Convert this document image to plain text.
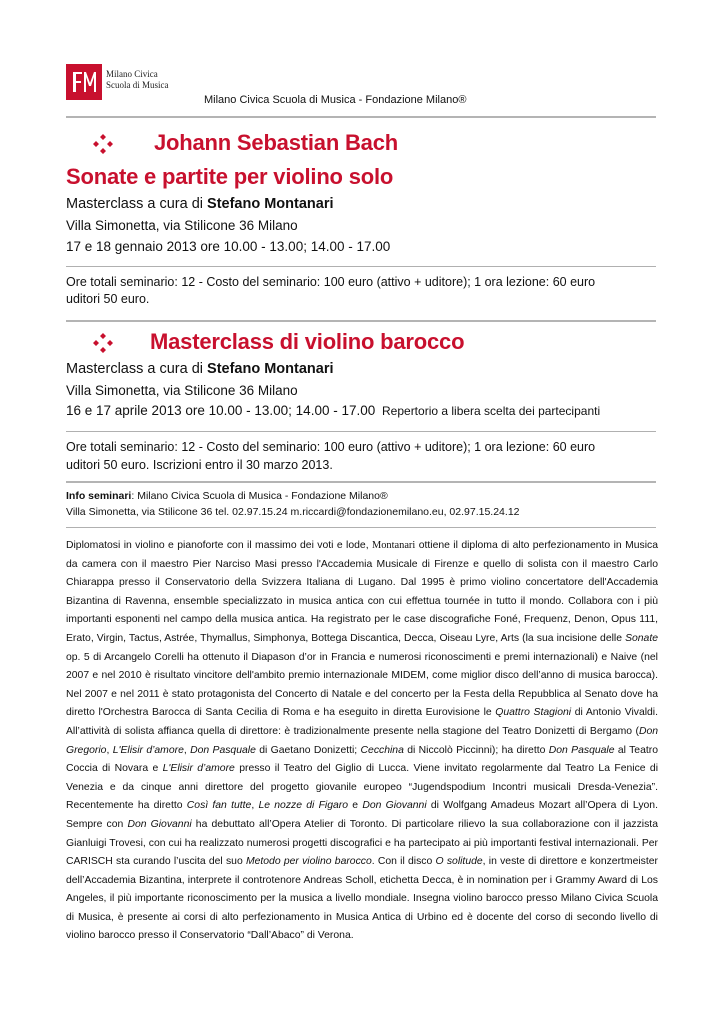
Milano Civica
Scuola di Musica
Milano Civica Scuola di Musica - Fondazione Milano®
Johann Sebastian Bach
Sonate e partite per violino solo
Masterclass a cura di Stefano Montanari
Villa Simonetta, via Stilicone 36 Milano
17 e 18 gennaio 2013 ore 10.00 - 13.00; 14.00 - 17.00
Ore totali seminario: 12 - Costo del seminario: 100 euro (attivo + uditore); 1 ora lezione: 60 euro
uditori 50 euro.
Masterclass di violino barocco
Masterclass a cura di Stefano Montanari
Villa Simonetta, via Stilicone 36 Milano
16 e 17 aprile 2013 ore 10.00 - 13.00; 14.00 - 17.00 Repertorio a libera scelta dei partecipanti
Ore totali seminario: 12 - Costo del seminario: 100 euro (attivo + uditore); 1 ora lezione: 60 euro
uditori 50 euro. Iscrizioni entro il 30 marzo 2013.
Info seminari: Milano Civica Scuola di Musica - Fondazione Milano®
Villa Simonetta, via Stilicone 36 tel. 02.97.15.24 m.riccardi@fondazionemilano.eu, 02.97.15.24.12

Diplomatosi in violino e pianoforte con il massimo dei voti e lode, Montanari ottiene il diploma di alto perfezionamento in Musica da camera con il maestro Pier Narciso Masi presso l'Accademia Musicale di Firenze e quello di solista con il maestro Carlo Chiarappa presso il Conservatorio della Svizzera Italiana di Lugano. Dal 1995 è primo violino concertatore dell'Accademia Bizantina di Ravenna, ensemble specializzato in musica antica con cui effettua tournée in tutto il mondo. Collabora con i più importanti esponenti nel campo della musica antica. Ha registrato per le case discografiche Foné, Frequenz, Denon, Opus 111, Erato, Virgin, Tactus, Astrée, Thymallus, Simphonya, Bottega Discantica, Decca, Oiseau Lyre, Arts (la sua incisione delle Sonate op. 5 di Arcangelo Corelli ha ottenuto il Diapason d’or in Francia e numerosi riconoscimenti e premi internazionali) e Naive (nel 2007 e nel 2010 è risultato vincitore dell'ambito premio internazionale MIDEM, come miglior disco dell’anno di musica barocca). Nel 2007 e nel 2011 è stato protagonista del Concerto di Natale e del concerto per la Festa della Repubblica al Senato dove ha diretto l'Orchestra Barocca di Santa Cecilia di Roma e ha eseguito in diretta Eurovisione le Quattro Stagioni di Antonio Vivaldi. All’attività di solista affianca quella di direttore: è tradizionalmente presente nella stagione del Teatro Donizetti di Bergamo (Don Gregorio, L'Elisir d’amore, Don Pasquale di Gaetano Donizetti; Cecchina di Niccolò Piccinni); ha diretto Don Pasquale al Teatro Coccia di Novara e L'Elisir d’amore presso il Teatro del Giglio di Lucca. Viene invitato regolarmente dal Teatro La Fenice di Venezia e da cinque anni direttore del progetto giovanile europeo “Jugendspodium Incontri musicali Dresda-Venezia”. Recentemente ha diretto Così fan tutte, Le nozze di Figaro e Don Giovanni di Wolfgang Amadeus Mozart all’Opera di Lyon. Sempre con Don Giovanni ha debuttato all’Opera Atelier di Toronto. Di particolare rilievo la sua collaborazione con il jazzista Gianluigi Trovesi, con cui ha realizzato numerosi progetti discografici e ha partecipato ai più importanti festival internazionali. Per CARISCH sta curando l’uscita del suo Metodo per violino barocco. Con il disco O solitude, in veste di direttore e konzertmeister dell’Accademia Bizantina, interprete il controtenore Andreas Scholl, etichetta Decca, è in nomination per i Grammy Award di Los Angeles, il più importante riconoscimento per la musica a livello mondiale. Insegna violino barocco presso Milano Civica Scuola di Musica, è presente ai corsi di alto perfezionamento in Musica Antica di Urbino ed è docente del corso di secondo livello di violino barocco presso il Conservatorio “Dall’Abaco” di Verona.
